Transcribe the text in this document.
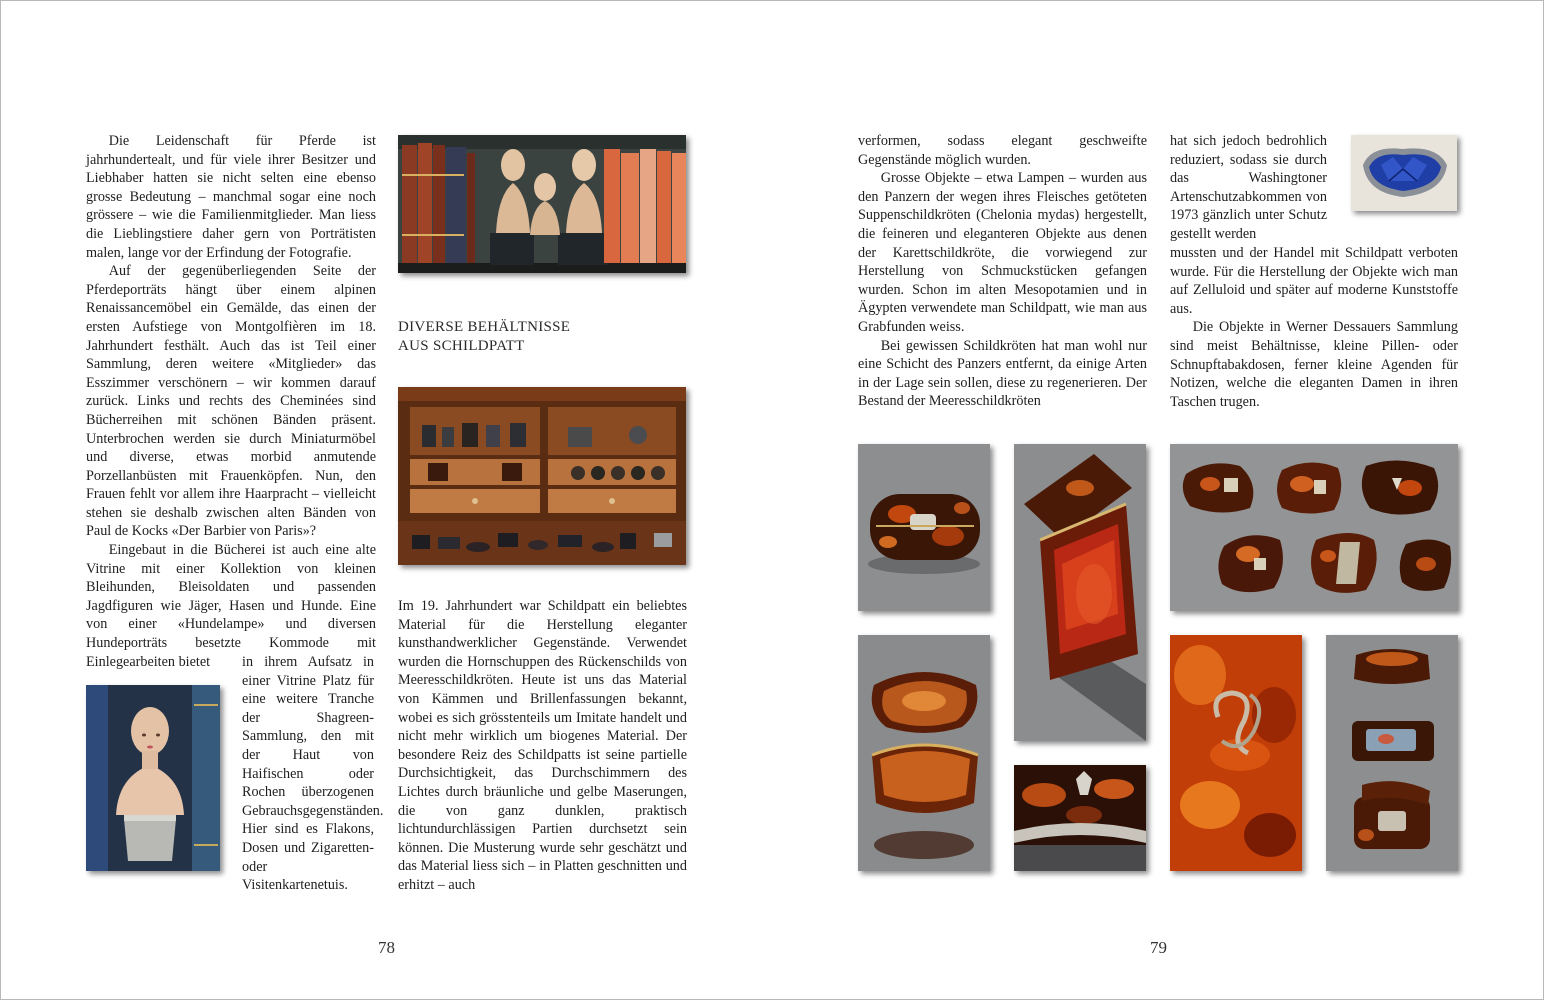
Die Leidenschaft für Pferde ist jahrhundertealt, und für viele ihrer Besitzer und Liebhaber hatten sie nicht selten eine ebenso grosse Bedeutung – manchmal sogar eine noch grössere – wie die Familienmitglieder. Man liess die Lieblingstiere daher gern von Porträtisten malen, lange vor der Erfindung der Fotografie.

Auf der gegenüberliegenden Seite der Pferdeporträts hängt über einem alpinen Renaissancemöbel ein Gemälde, das einen der ersten Aufstiege von Montgolfièren im 18. Jahrhundert festhält. Auch das ist Teil einer Sammlung, deren weitere «Mitglieder» das Esszimmer verschönern – wir kommen darauf zurück. Links und rechts des Cheminées sind Bücherreihen mit schönen Bänden präsent. Unterbrochen werden sie durch Miniaturmöbel und diverse, etwas morbid anmutende Porzellanbüsten mit Frauenköpfen. Nun, den Frauen fehlt vor allem ihre Haarpracht – vielleicht stehen sie deshalb zwischen alten Bänden von Paul de Kocks «Der Barbier von Paris»?

Eingebaut in die Bücherei ist auch eine alte Vitrine mit einer Kollektion von kleinen Bleihunden, Bleisoldaten und passenden Jagdfiguren wie Jäger, Hasen und Hunde. Eine von einer «Hundelampe» und diversen Hundeporträts besetzte Kommode mit Einlegearbeiten bietet	in ihrem Aufsatz in einer Vitrine Platz für eine weitere Tranche der Shagreen-Sammlung, den mit der Haut von Haifischen oder Rochen überzogenen Gebrauchsgegenständen. Hier sind es Flakons, Dosen und Zigaretten- oder Visitenkartenetuis.

DIVERSE BEHÄLTNISSE
AUS SCHILDPATT

Im 19. Jahrhundert war Schildpatt ein beliebtes Material für die Herstellung eleganter kunsthandwerklicher Gegenstände. Verwendet wurden die Hornschuppen des Rückenschilds von Meeresschildkröten. Heute ist uns das Material von Kämmen und Brillenfassungen bekannt, wobei es sich grösstenteils um Imitate handelt und nicht mehr wirklich um biogenes Material. Der besondere Reiz des Schildpatts ist seine partielle Durchsichtigkeit, das Durchschimmern des Lichtes durch bräunliche und gelbe Maserungen, die von ganz dunklen, praktisch lichtundurchlässigen Partien durchsetzt sein können. Die Musterung wurde sehr geschätzt und das Material liess sich – in Platten geschnitten und erhitzt – auch

78

verformen, sodass elegant geschweifte Gegenstände möglich wurden.

Grosse Objekte – etwa Lampen – wurden aus den Panzern der wegen ihres Fleisches getöteten Suppenschildkröten (Chelonia mydas) hergestellt, die feineren und eleganteren Objekte aus denen der Karettschildkröte, die vorwiegend zur Herstellung von Schmuckstücken gefangen wurden. Schon im alten Mesopotamien und in Ägypten verwendete man Schildpatt, wie man aus Grabfunden weiss.

Bei gewissen Schildkröten hat man wohl nur eine Schicht des Panzers entfernt, da einige Arten in der Lage sein sollen, diese zu regenerieren. Der Bestand der Meeresschildkröten

hat sich jedoch bedrohlich reduziert, sodass sie durch das Washingtoner Artenschutzabkommen von 1973 gänzlich unter Schutz gestellt werden

mussten und der Handel mit Schildpatt verboten wurde. Für die Herstellung der Objekte wich man auf Zelluloid und später auf moderne Kunststoffe aus.

Die Objekte in Werner Dessauers Sammlung sind meist Behältnisse, kleine Pillen- oder Schnupftabakdosen, ferner kleine Agenden für Notizen, welche die eleganten Damen in ihren Taschen trugen.

79
